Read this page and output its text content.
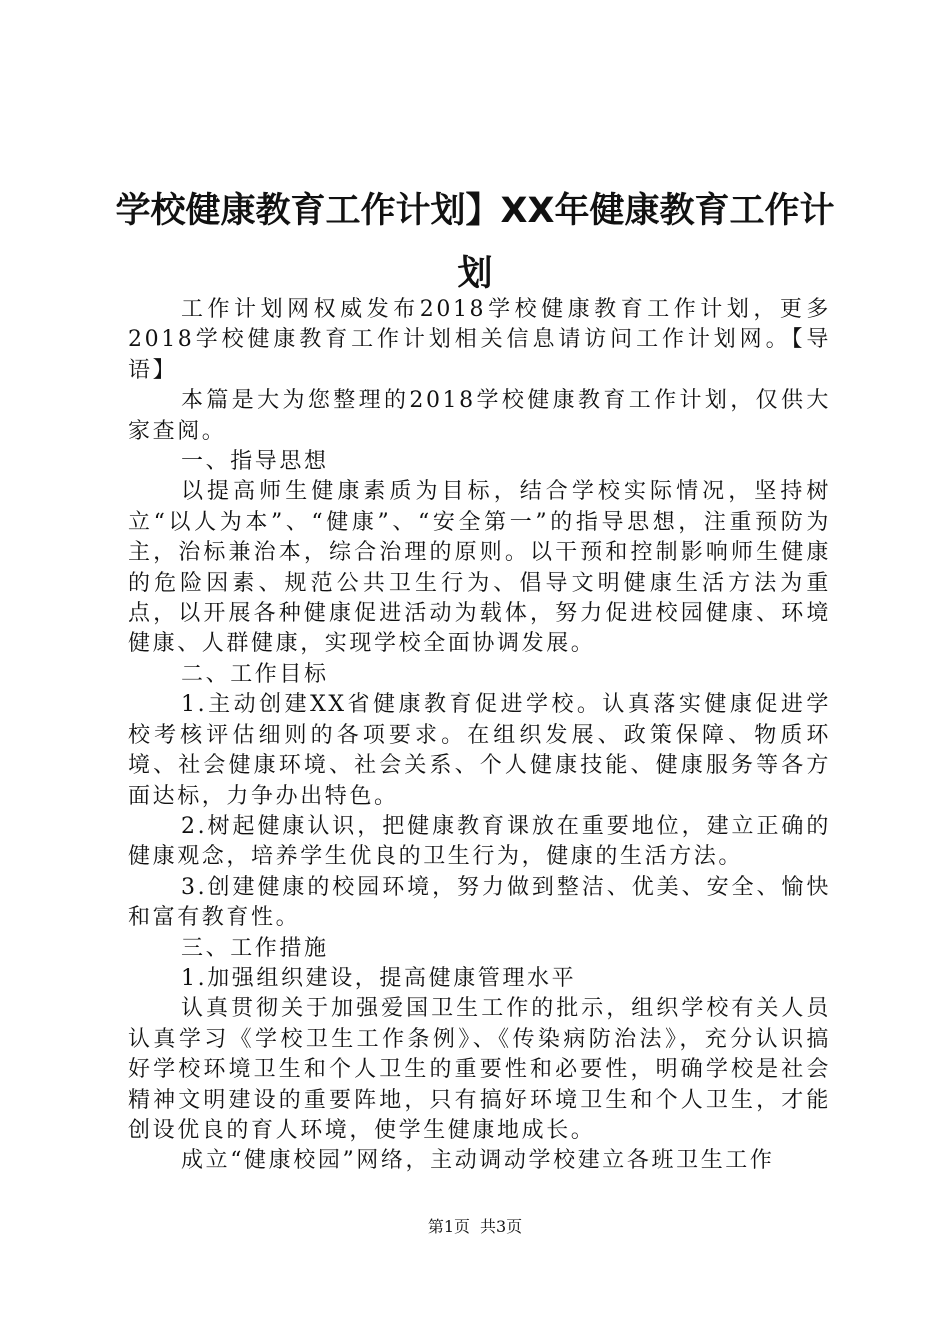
学校健康教育工作计划】XX年健康教育工作计划

工作计划网权威发布2018学校健康教育工作计划，更多2018学校健康教育工作计划相关信息请访问工作计划网。【导语】

本篇是大为您整理的2018学校健康教育工作计划，仅供大家查阅。

一、指导思想

以提高师生健康素质为目标，结合学校实际情况，坚持树立“以人为本”、“健康”、“安全第一”的指导思想，注重预防为主，治标兼治本，综合治理的原则。以干预和控制影响师生健康的危险因素、规范公共卫生行为、倡导文明健康生活方法为重点，以开展各种健康促进活动为载体，努力促进校园健康、环境健康、人群健康，实现学校全面协调发展。

二、工作目标

1.主动创建XX省健康教育促进学校。认真落实健康促进学校考核评估细则的各项要求。在组织发展、政策保障、物质环境、社会健康环境、社会关系、个人健康技能、健康服务等各方面达标，力争办出特色。

2.树起健康认识，把健康教育课放在重要地位，建立正确的健康观念，培养学生优良的卫生行为，健康的生活方法。

3.创建健康的校园环境，努力做到整洁、优美、安全、愉快和富有教育性。

三、工作措施

1.加强组织建设，提高健康管理水平

认真贯彻关于加强爱国卫生工作的批示，组织学校有关人员认真学习《学校卫生工作条例》、《传染病防治法》，充分认识搞好学校环境卫生和个人卫生的重要性和必要性，明确学校是社会精神文明建设的重要阵地，只有搞好环境卫生和个人卫生，才能创设优良的育人环境，使学生健康地成长。

成立“健康校园”网络，主动调动学校建立各班卫生工作

第1页 共3页
